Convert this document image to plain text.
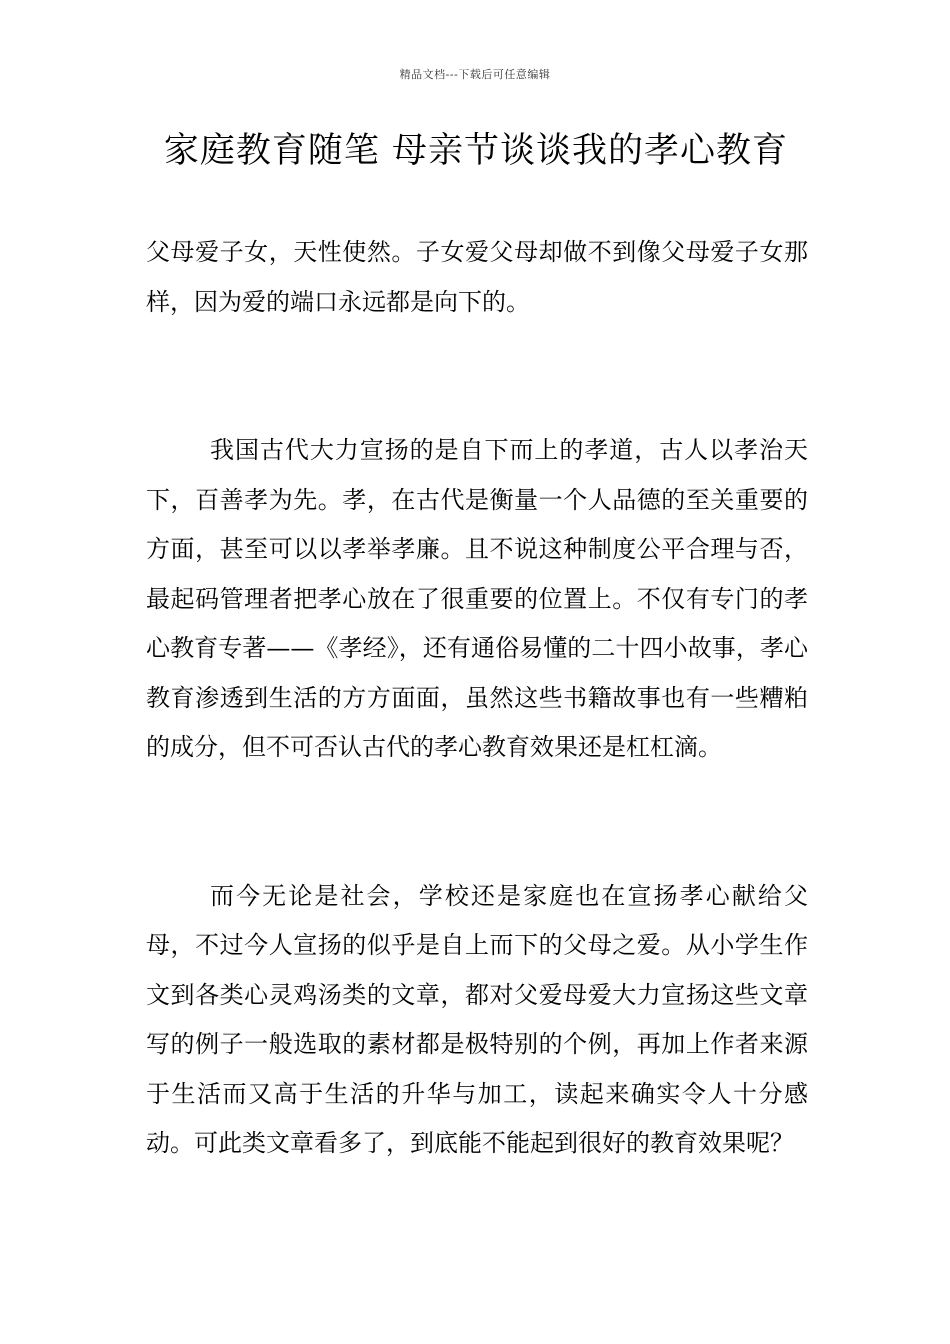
精品文档---下载后可任意编辑
家庭教育随笔 母亲节谈谈我的孝心教育

父母爱子女，天性使然。子女爱父母却做不到像父母爱子女那样，因为爱的端口永远都是向下的。

我国古代大力宣扬的是自下而上的孝道，古人以孝治天下，百善孝为先。孝，在古代是衡量一个人品德的至关重要的方面，甚至可以以孝举孝廉。且不说这种制度公平合理与否，最起码管理者把孝心放在了很重要的位置上。不仅有专门的孝心教育专著——《孝经》，还有通俗易懂的二十四小故事，孝心教育渗透到生活的方方面面，虽然这些书籍故事也有一些糟粕的成分，但不可否认古代的孝心教育效果还是杠杠滴。

而今无论是社会，学校还是家庭也在宣扬孝心献给父母，不过今人宣扬的似乎是自上而下的父母之爱。从小学生作文到各类心灵鸡汤类的文章，都对父爱母爱大力宣扬这些文章写的例子一般选取的素材都是极特别的个例，再加上作者来源于生活而又高于生活的升华与加工，读起来确实令人十分感动。可此类文章看多了，到底能不能起到很好的教育效果呢？
